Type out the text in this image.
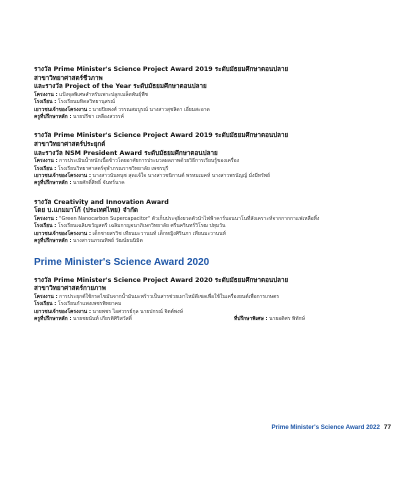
รางวัล Prime Minister's Science Project Award 2019 ระดับมัธยมศึกษาตอนปลาย
สาขาวิทยาศาสตร์ชีวภาพ
และรางวัล Project of the Year ระดับมัธยมศึกษาตอนปลาย
โครงงาน : แป้งจุลพิเศษสำหรับเพาะปลูกเมล็ดพันธุ์พืช
โรงเรียน : โรงเรียนมหิดลวิทยานุสรณ์
เยาวชนเจ้าของโครงงาน : นายปิยพงศ์ วรรณสมบูรณ์ นางสาวสุชลิดา เอี่ยมสะอาด
ครูที่ปรึกษาหลัก : นายปรีชา เหลืองสวรรค์
รางวัล Prime Minister's Science Project Award 2019 ระดับมัธยมศึกษาตอนปลาย
สาขาวิทยาศาสตร์ประยุกต์
และรางวัล NSM President Award ระดับมัธยมศึกษาตอนปลาย
โครงงาน : การประเมินน้ำหนักเนื้อข้าวโดยอาศัยการประมวลผลภาพด้วยวิธีการเรียนรู้ของเครื่อง
โรงเรียน : โรงเรียนวิทยาศาสตร์จุฬาภรณราชวิทยาลัย เพชรบุรี
เยาวชนเจ้าของโครงงาน : นางสาวนันทนุช สุดแจ้ใจ นางสาวชนิกานต์ พรหมเมคห์ นางสาวพรนัญญ์ มั่งมีทรัพย์
ครูที่ปรึกษาหลัก : นายศักดิ์สิทธิ์ จันทร์นาค
รางวัล Creativity and Innovation Award
โดย บ.แกมมาโก้ (ประเทศไทย) จำกัด
โครงงาน : "Green Nanocarbon Supercapacitor" ตัวเก็บประจุยิ่งยวดตัวนำไฟฟ้าคาร์บอนนาโนที่สังเคราะห์จากกากกาแฟเหลือทิ้ง
โรงเรียน : โรงเรียนเฉลิมขวัญสตรี เฉลิมกาญจนาภิเษกวิทยาลัย ศรีนครินทร์วิโรฒ ปทุมวัน
เยาวชนเจ้าของโครงงาน : เด็กชายสรวิช เทียนมะวานนท์ เด็กหญิงศิรินภา เทียนมะวานนท์
ครูที่ปรึกษาหลัก : นางสาวนภรณทิพย์ วัฒน์ธนนิมิต
Prime Minister's Science Award 2020
รางวัล Prime Minister's Science Project Award 2020 ระดับมัธยมศึกษาตอนปลาย
สาขาวิทยาศาสตร์กายภาพ
โครงงาน : การประยุกต์ใช้กรดไขมันจากน้ำมันมะพร้าวเป็นสารช่วยเผาไหม้ดีเซลเพื่อใช้ในเครื่องยนต์เพื่อการเกษตร
โรงเรียน : โรงเรียนกำแพงเพชรพิทยาคม
เยาวชนเจ้าของโครงงาน : นายพชร ไอศวรรย์กุล นายปกรณ์ จิตต์พงษ์
ครูที่ปรึกษาหลัก : นายชยนันท์ เกียรติศิริสวัสดิ์	ที่ปรึกษาพิเศษ : นายอดิศร พิทักษ์
Prime Minister's Science Award 2022 77
